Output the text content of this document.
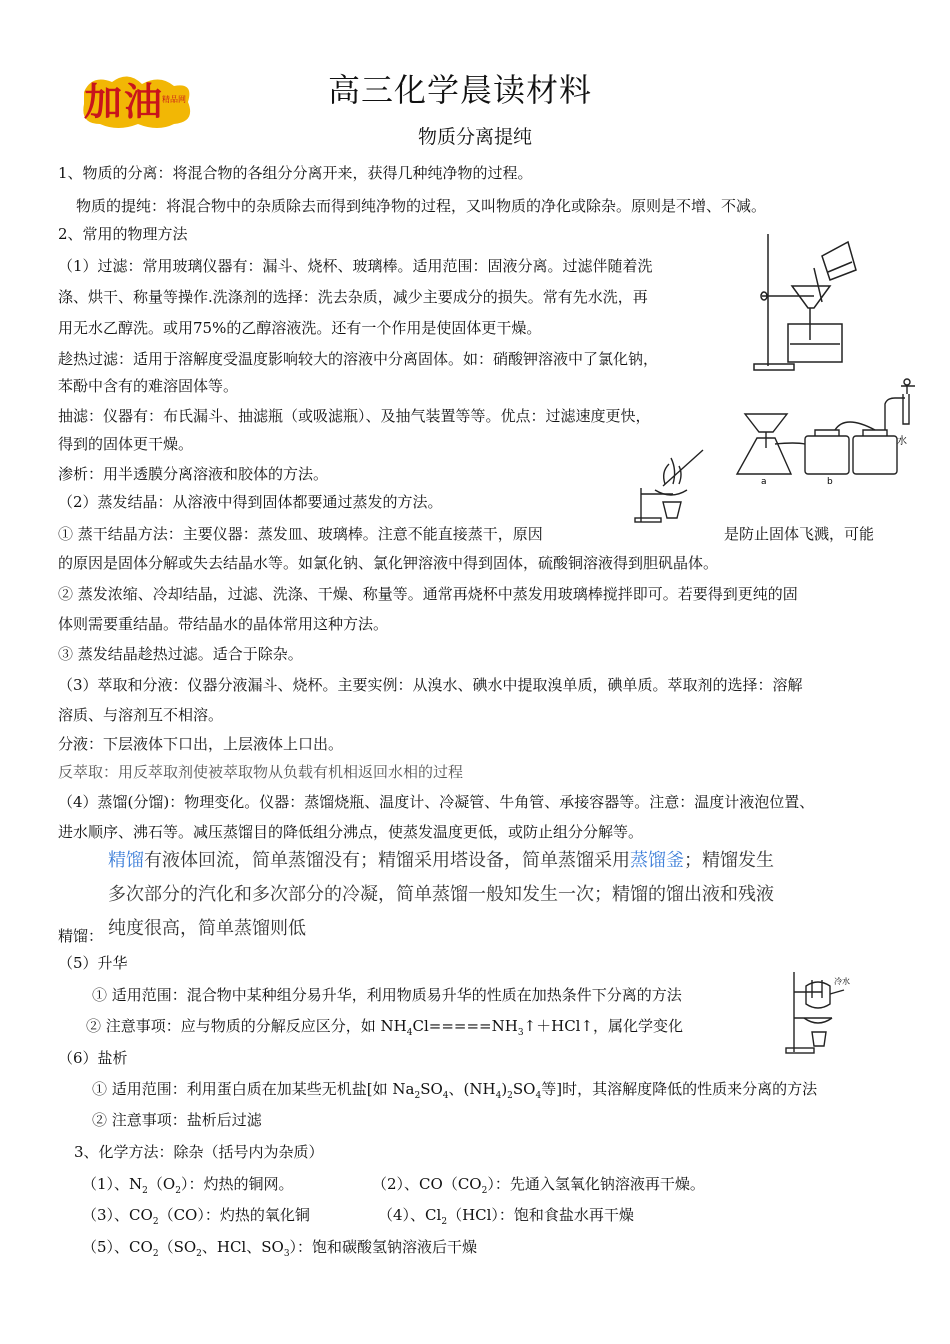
加油
精品网	高三化学晨读材料
物质分离提纯
1、物质的分离：将混合物的各组分分离开来，获得几种纯净物的过程。
物质的提纯：将混合物中的杂质除去而得到纯净物的过程，又叫物质的净化或除杂。原则是不增、不减。
2、常用的物理方法
（1）过滤：常用玻璃仪器有：漏斗、烧杯、玻璃棒。适用范围：固液分离。过滤伴随着洗
涤、烘干、称量等操作.洗涤剂的选择：洗去杂质，减少主要成分的损失。常有先水洗，再
用无水乙醇洗。或用75%的乙醇溶液洗。还有一个作用是使固体更干燥。
趁热过滤：适用于溶解度受温度影响较大的溶液中分离固体。如：硝酸钾溶液中了氯化钠，
苯酚中含有的难溶固体等。
抽滤：仪器有：布氏漏斗、抽滤瓶（或吸滤瓶）、及抽气装置等等。优点：过滤速度更快，
得到的固体更干燥。
渗析：用半透膜分离溶液和胶体的方法。
（2）蒸发结晶：从溶液中得到固体都要通过蒸发的方法。
① 蒸干结晶方法：主要仪器：蒸发皿、玻璃棒。注意不能直接蒸干，原因	是防止固体飞溅，可能
的原因是固体分解或失去结晶水等。如氯化钠、氯化钾溶液中得到固体，硫酸铜溶液得到胆矾晶体。
② 蒸发浓缩、冷却结晶，过滤、洗涤、干燥、称量等。通常再烧杯中蒸发用玻璃棒搅拌即可。若要得到更纯的固
体则需要重结晶。带结晶水的晶体常用这种方法。
③ 蒸发结晶趁热过滤。适合于除杂。
（3）萃取和分液：仪器分液漏斗、烧杯。主要实例：从溴水、碘水中提取溴单质，碘单质。萃取剂的选择：溶解
溶质、与溶剂互不相溶。
分液：下层液体下口出，上层液体上口出。
反萃取：用反萃取剂使被萃取物从负载有机相返回水相的过程
（4）蒸馏(分馏)：物理变化。仪器：蒸馏烧瓶、温度计、冷凝管、牛角管、承接容器等。注意：温度计液泡位置、
进水顺序、沸石等。减压蒸馏目的降低组分沸点，使蒸发温度更低，或防止组分分解等。
精馏有液体回流，简单蒸馏没有；精馏采用塔设备，简单蒸馏采用蒸馏釜；精馏发生
多次部分的汽化和多次部分的冷凝，简单蒸馏一般知发生一次；精馏的馏出液和残液
纯度很高，简单蒸馏则低
精馏：
（5）升华
① 适用范围：混合物中某种组分易升华，利用物质易升华的性质在加热条件下分离的方法
② 注意事项：应与物质的分解反应区分，如 $NH_4Cl=====NH_3↑+HCl↑$，属化学变化
（6）盐析
① 适用范围：利用蛋白质在加某些无机盐[如 $Na_2SO_4$、$(NH_4)_2SO_4$等]时，其溶解度降低的性质来分离的方法
② 注意事项：盐析后过滤
3、化学方法：除杂（括号内为杂质）
（1）、$N_2(O_2)$：灼热的铜网。	（2）、$CO(CO_2)$：先通入氢氧化钠溶液再干燥。
（3）、$CO_2(CO)$：灼热的氧化铜	（4）、$Cl_2(HCl)$：饱和食盐水再干燥
（5）、$CO_2(SO_2$、HCl、$SO_3$）：饱和碳酸氢钠溶液后干燥
a	b
水
冷水
